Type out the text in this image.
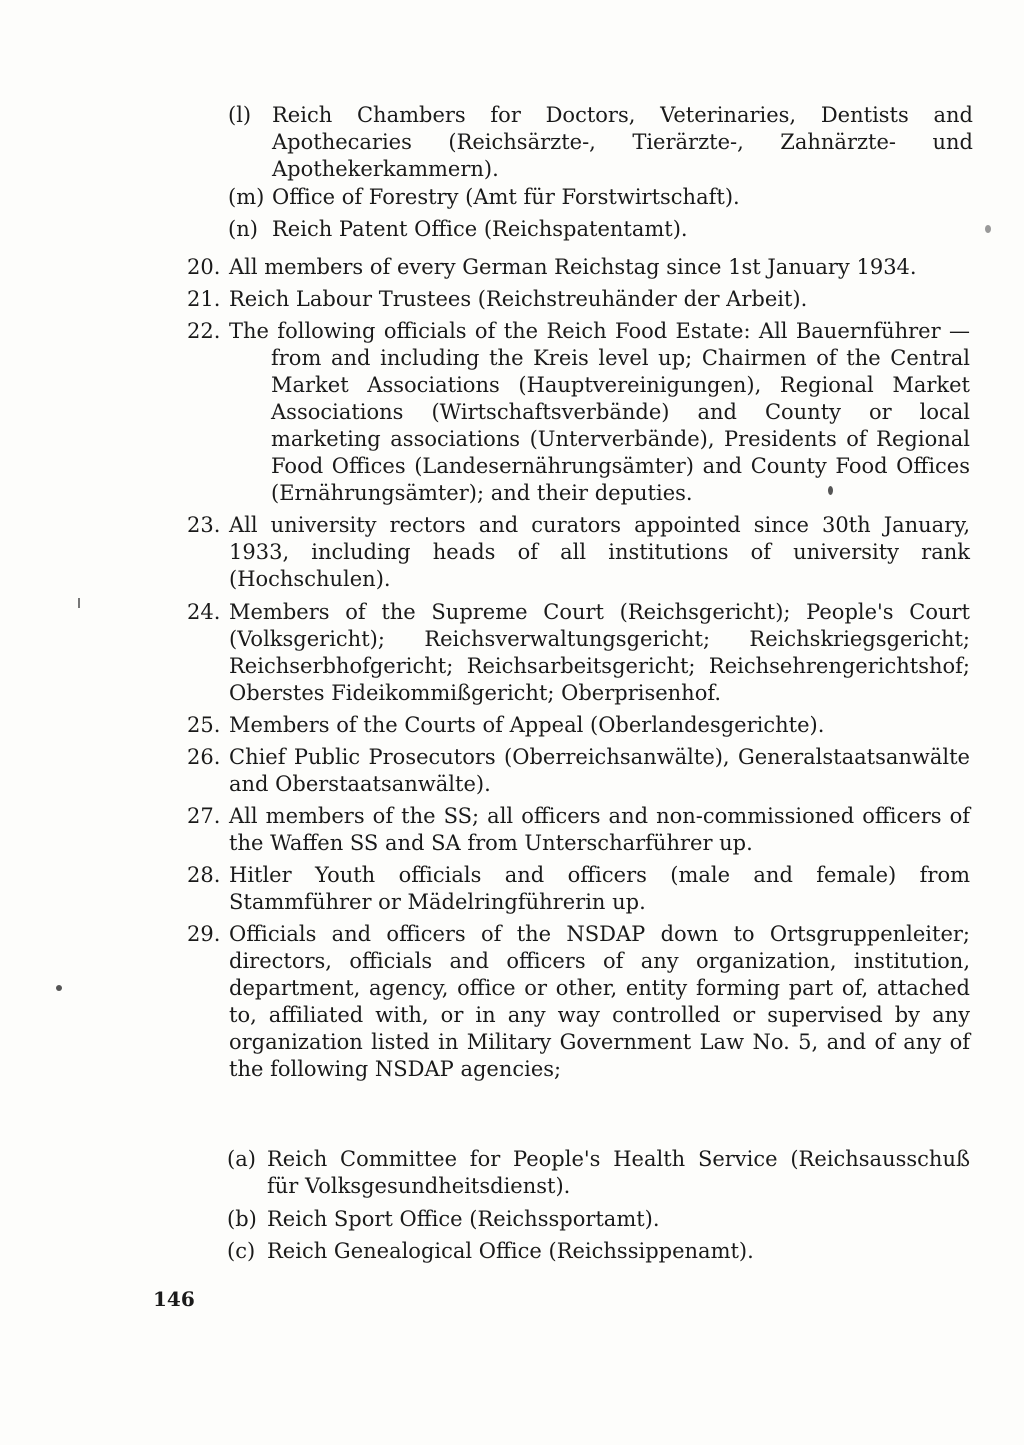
(l) Reich Chambers for Doctors, Veterinaries, Dentists and Apothecaries (Reichsärzte-, Tierärzte-, Zahnärzte- und Apothekerkammern).
(m) Office of Forestry (Amt für Forstwirtschaft).
(n) Reich Patent Office (Reichspatentamt).
20. All members of every German Reichstag since 1st January 1934.
21. Reich Labour Trustees (Reichstreuhänder der Arbeit).
22. The following officials of the Reich Food Estate: All Bauernführer — from and including the Kreis level up; Chairmen of the Central Market Associations (Hauptvereinigungen), Regional Market Associations (Wirtschaftsverbände) and County or local marketing associations (Unterverbände), Presidents of Regional Food Offices (Landesernährungsämter) and County Food Offices (Ernährungsämter); and their deputies.
23. All university rectors and curators appointed since 30th January, 1933, including heads of all institutions of university rank (Hochschulen).
24. Members of the Supreme Court (Reichsgericht); People's Court (Volksgericht); Reichsverwaltungsgericht; Reichskriegsgericht; Reichserbhofgericht; Reichsarbeitsgericht; Reichsehrengerichtshof; Oberstes Fideikommißgericht; Oberprisenhof.
25. Members of the Courts of Appeal (Oberlandesgerichte).
26. Chief Public Prosecutors (Oberreichsanwälte), Generalstaatsanwälte and Oberstaatsanwälte).
27. All members of the SS; all officers and non-commissioned officers of the Waffen SS and SA from Unterscharführer up.
28. Hitler Youth officials and officers (male and female) from Stammführer or Mädelringführerin up.
29. Officials and officers of the NSDAP down to Ortsgruppenleiter; directors, officials and officers of any organization, institution, department, agency, office or other, entity forming part of, attached to, affiliated with, or in any way controlled or supervised by any organization listed in Military Government Law No. 5, and of any of the following NSDAP agencies;
(a) Reich Committee for People's Health Service (Reichsausschuß für Volksgesundheitsdienst).
(b) Reich Sport Office (Reichssportamt).
(c) Reich Genealogical Office (Reichssippenamt).
146
